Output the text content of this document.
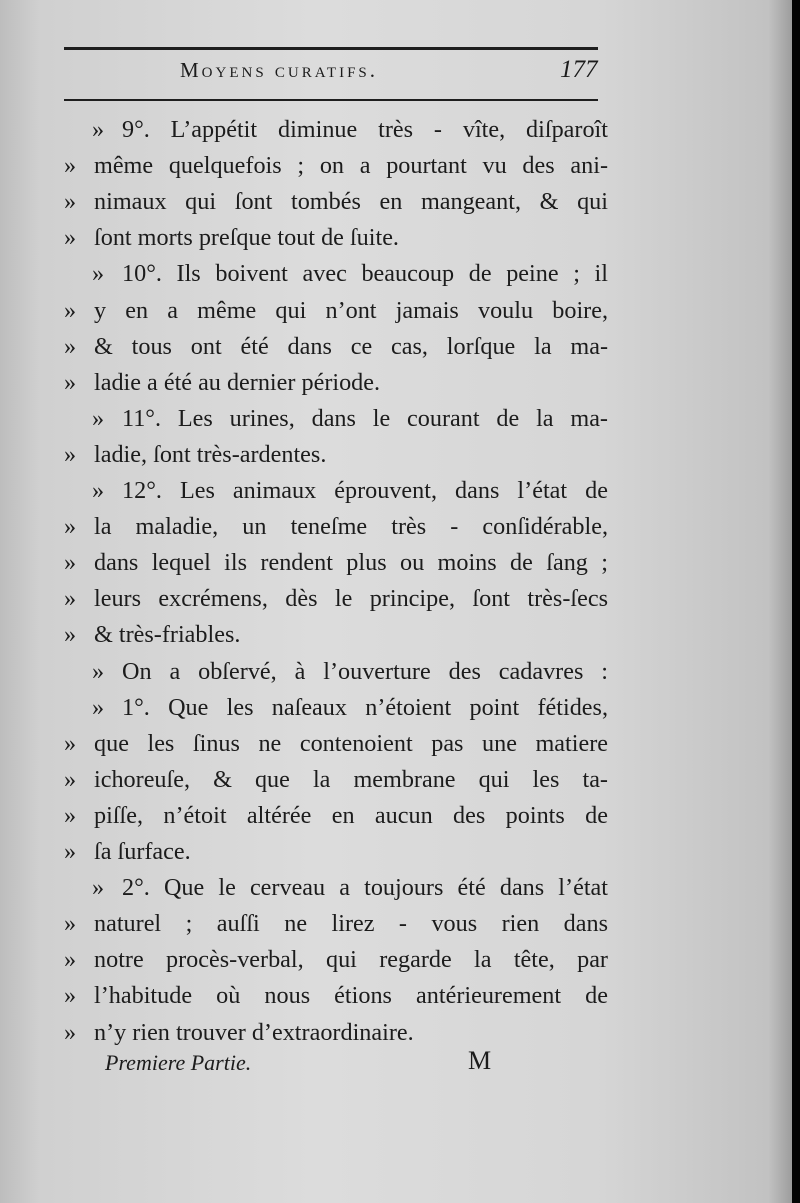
Moyens curatifs.	177
» 9°. L’appétit diminue très - vîte, diſparoît
» même quelquefois ; on a pourtant vu des ani-
» nimaux qui ſont tombés en mangeant, & qui
» ſont morts preſque tout de ſuite.
» 10°. Ils boivent avec beaucoup de peine ; il
» y en a même qui n’ont jamais voulu boire,
» & tous ont été dans ce cas, lorſque la ma-
» ladie a été au dernier période.
» 11°. Les urines, dans le courant de la ma-
» ladie, ſont très-ardentes.
» 12°. Les animaux éprouvent, dans l’état de
» la maladie, un teneſme très - conſidérable,
» dans lequel ils rendent plus ou moins de ſang ;
» leurs excrémens, dès le principe, ſont très-ſecs
» & très-friables.
» On a obſervé, à l’ouverture des cadavres :
» 1°. Que les naſeaux n’étoient point fétides,
» que les ſinus ne contenoient pas une matiere
» ichoreuſe, & que la membrane qui les ta-
» piſſe, n’étoit altérée en aucun des points de
» ſa ſurface.
» 2°. Que le cerveau a toujours été dans l’état
» naturel ; auſſi ne lirez - vous rien dans
» notre procès-verbal, qui regarde la tête, par
» l’habitude où nous étions antérieurement de
» n’y rien trouver d’extraordinaire.
Premiere Partie.	M
